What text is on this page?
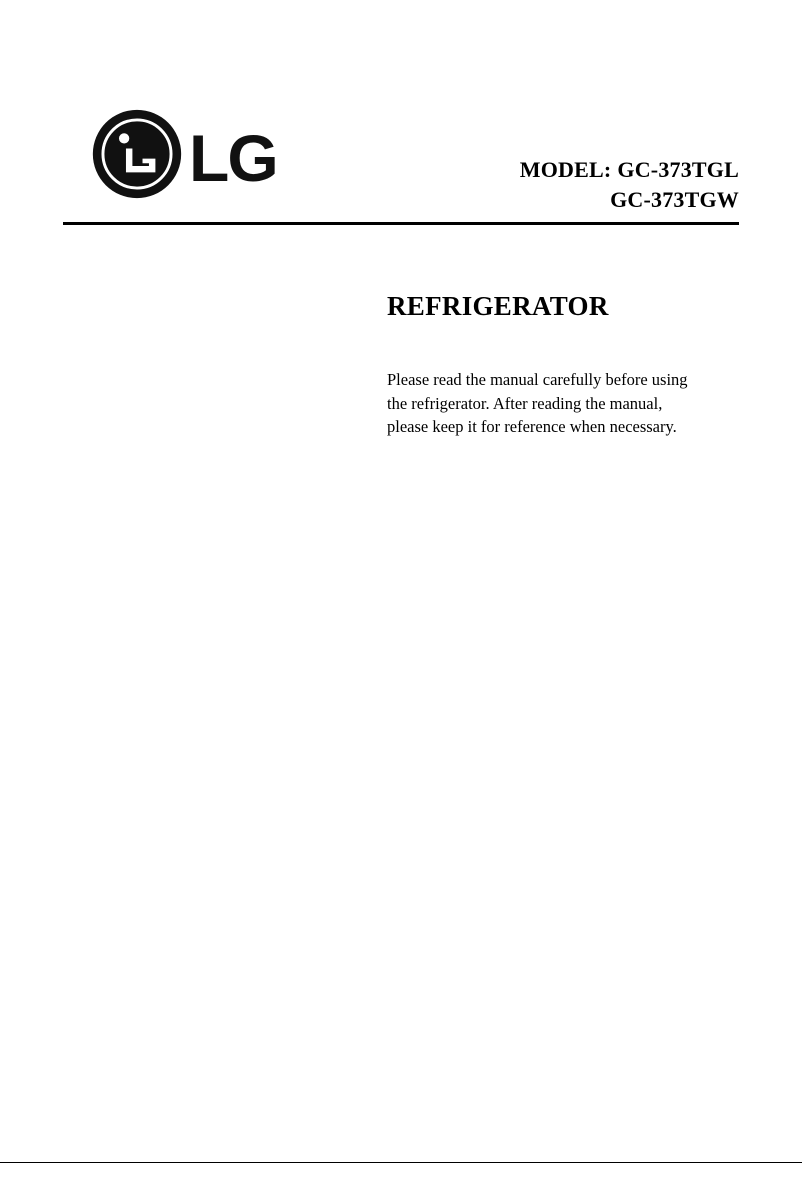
LG	MODEL: GC-373TGL
GC-373TGW
REFRIGERATOR

Please read the manual carefully before using the refrigerator. After reading the manual, please keep it for reference when necessary.
